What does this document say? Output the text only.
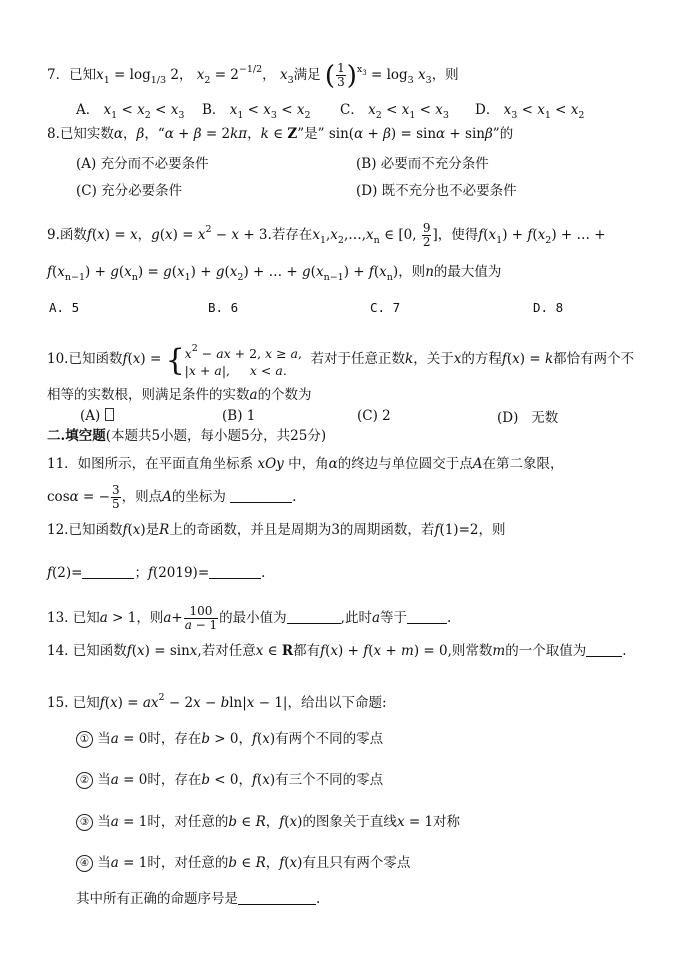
7．已知$x_1 = \log_{1/3} 2$， $x_2 = 2^{-1/2}$， $x_3$满足 ( $\frac{1}{3} )^{x_3} = \log_3 x_3$，则
A． $x_1 < x_2 < x_3$ B． $x_1 < x_3 < x_2$ C． $x_2 < x_1 < x_3$ D． $x_3 < x_1 < x_2$
8.已知实数α，β，“α + β = 2kπ，k ∈ Z”是” sin(α + β) = sinα + sinβ”的
(A) 充分而不必要条件	(B) 必要而不充分条件
(C) 充分必要条件	(D) 既不充分也不必要条件
9.函数f(x) = x，$g(x) = x^2 - x + 3$.若存在$x_1,x_2,\dots,x_n$ ∈ [0, $\frac{9}{2}$ ]，使得$f(x_1) + f(x_2)$ + … +
$f(x_{n-1}) + g(x_n) = g(x_1) + g(x_2)$ + … + $g(x_{n-1}) + f(x_n)$，则n的最大值为
A. 5	B. 6	C. 7	D. 8
10.已知函数f(x) = { $x^2$ − ax + 2, x ≥ a,
|x + a|,     x < a.
若对于任意正数k，关于x的方程f(x) = k都恰有两个不
相等的实数根，则满足条件的实数a的个数为
(A)	(B) 1	(C) 2	(D) 无数
二.填空题(本题共5小题，每小题5分，共25分)
11．如图所示，在平面直角坐标系 xOy 中，角α的终边与单位圆交于点A在第二象限，
cosα = − $\frac{3}{5}$ ，则点A的坐标为	.
12.已知函数f(x)是R上的奇函数，并且是周期为3的周期函数，若f(1)=2，则
f(2)=	；f(2019)=	.
13. 已知a > 1，则$a+ \frac{100}{a - 1}$ 的最小值为	,此时a等于	.
14. 已知函数f(x) = sinx,若对任意x ∈ R都有f(x) + f(x + m) = 0,则常数m的一个取值为	.
15. 已知$f(x) = ax^2 - 2x - bln|x - 1|$，给出以下命题:
① 当a = 0时，存在b > 0，f(x)有两个不同的零点
② 当a = 0时，存在b < 0，f(x)有三个不同的零点
③ 当a = 1时，对任意的b ∈ R，f(x)的图象关于直线x = 1对称
④ 当a = 1时，对任意的b ∈ R，f(x)有且只有两个零点
其中所有正确的命题序号是	.
